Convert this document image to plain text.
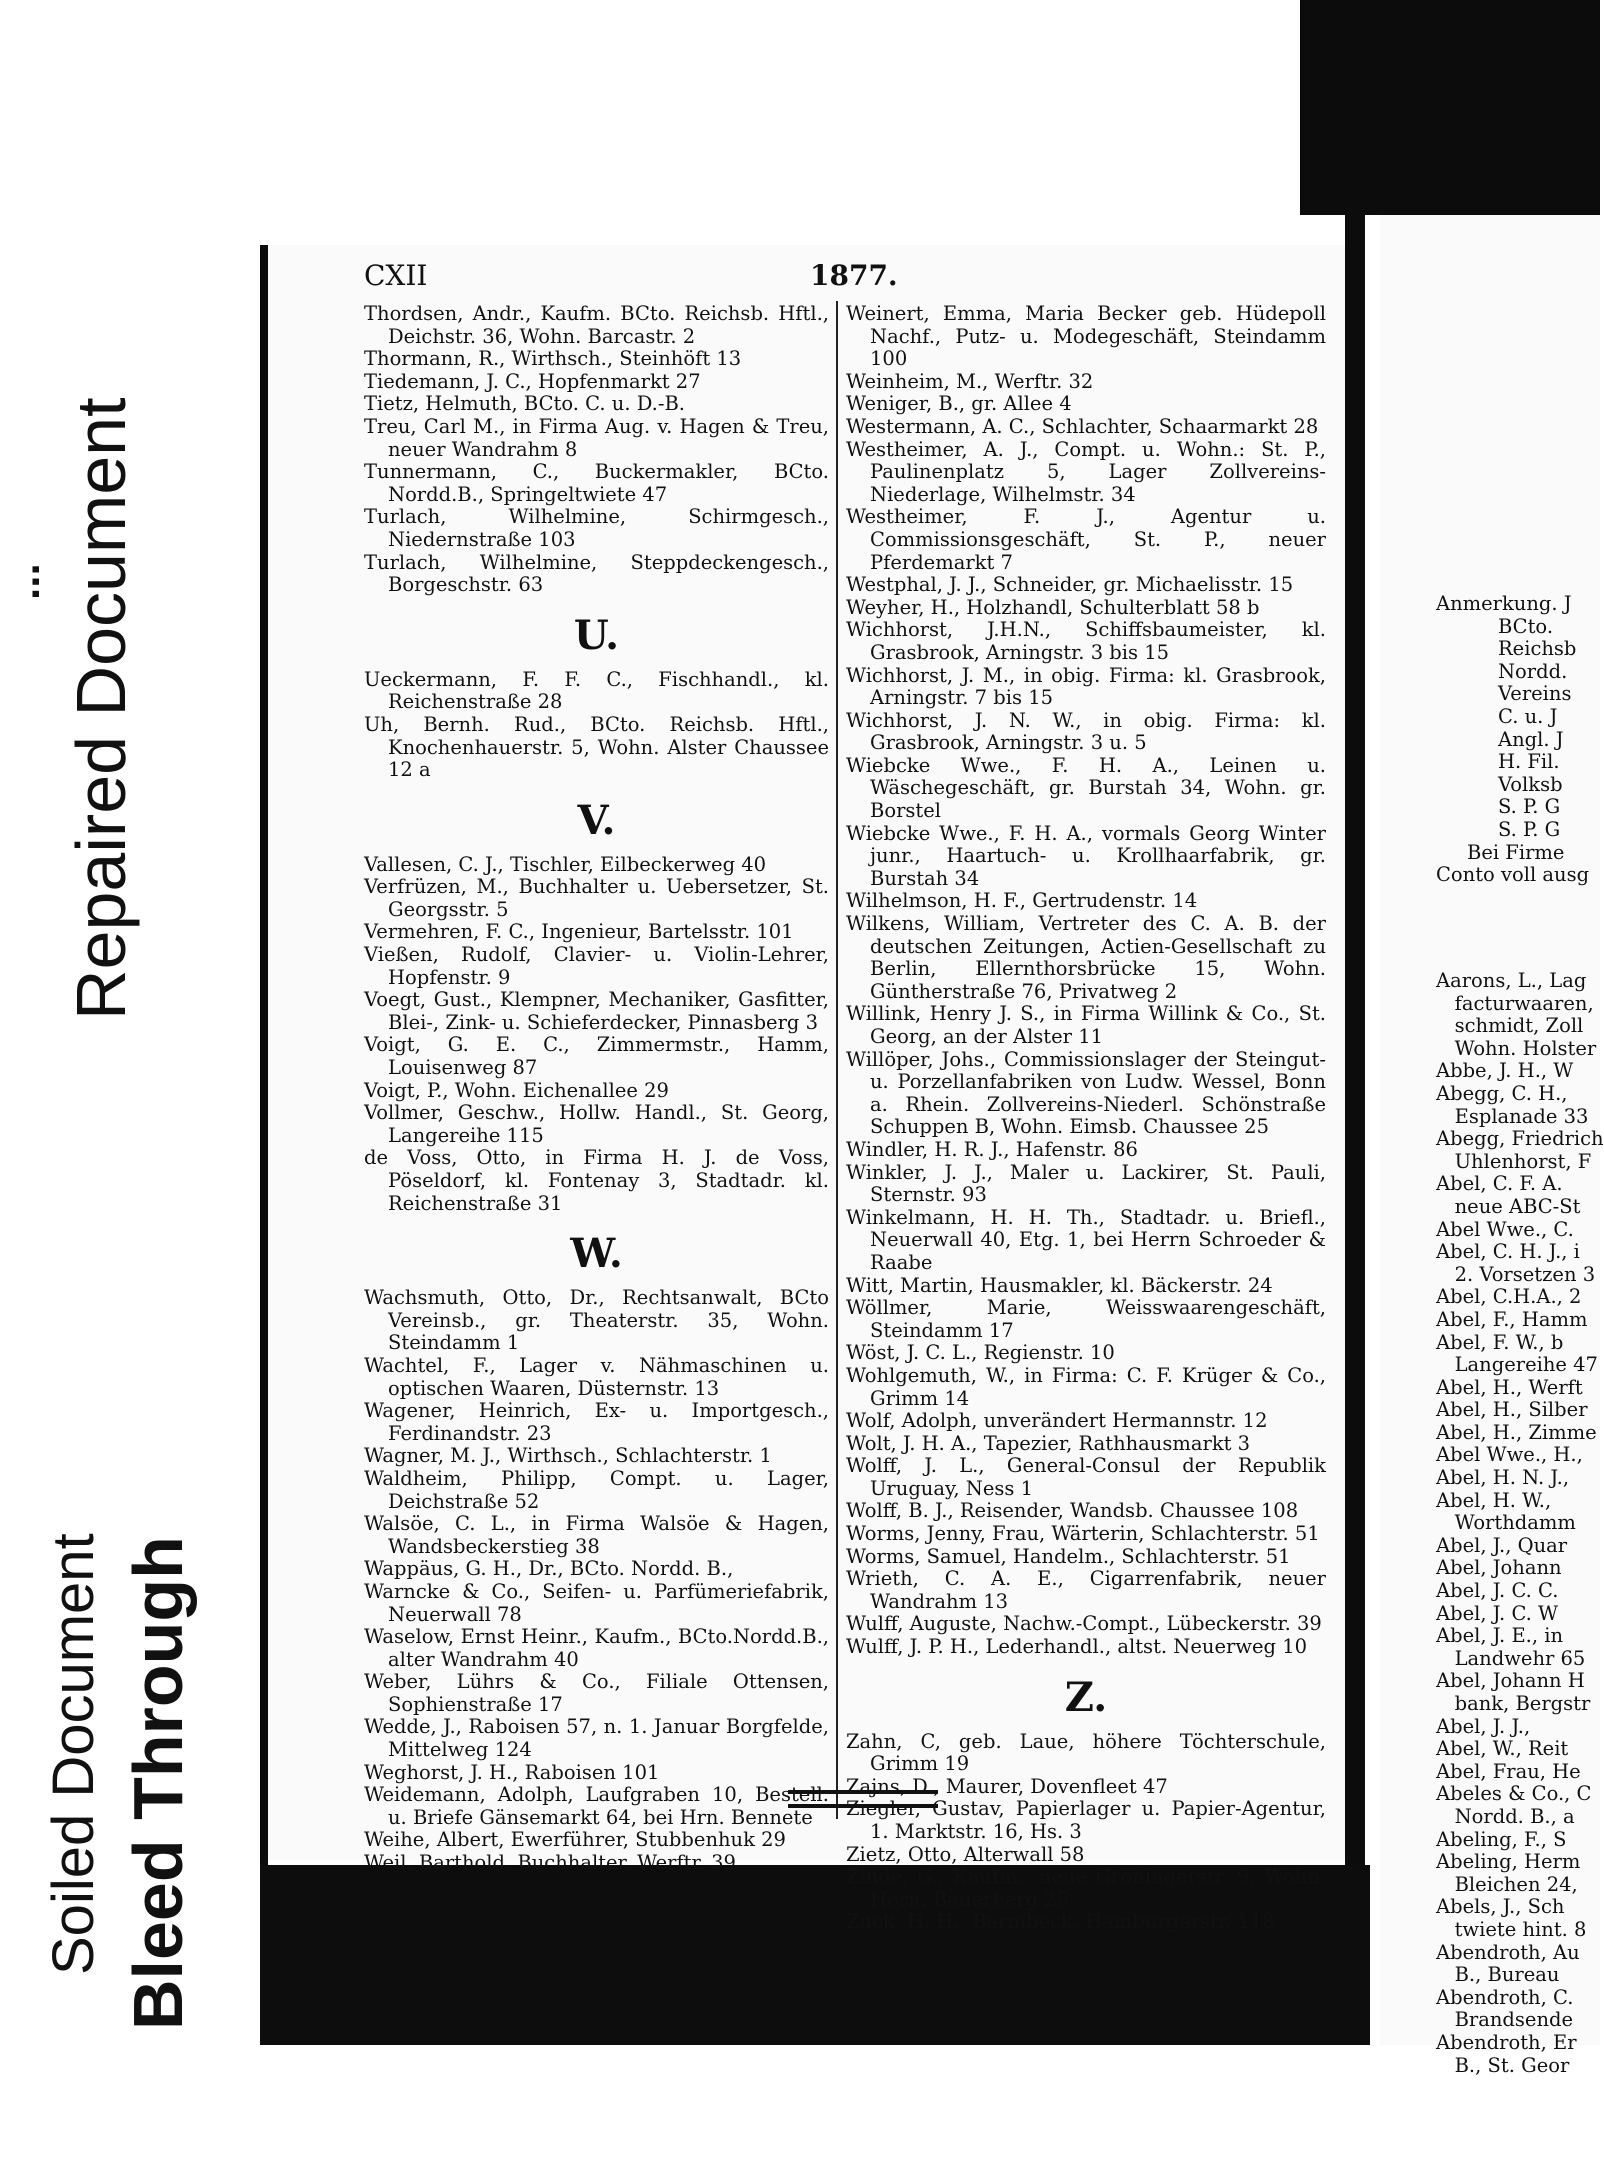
... Repaired Document
Soiled Document Bleed Through
CXII	1877.
Thordsen, Andr., Kaufm. BCto. Reichsb. Hftl., Deichstr. 36, Wohn. Barcastr. 2
Thormann, R., Wirthsch., Steinhöft 13
Tiedemann, J. C., Hopfenmarkt 27
Tietz, Helmuth, BCto. C. u. D.-B.
Treu, Carl M., in Firma Aug. v. Hagen & Treu, neuer Wandrahm 8
Tunnermann, C., Buckermakler, BCto. Nordd.B., Springeltwiete 47
Turlach, Wilhelmine, Schirmgesch., Niedernstraße 103
Turlach, Wilhelmine, Steppdeckengesch., Borgeschstr. 63
U.
Ueckermann, F. F. C., Fischhandl., kl. Reichenstraße 28
Uh, Bernh. Rud., BCto. Reichsb. Hftl., Knochenhauerstr. 5, Wohn. Alster Chaussee 12 a
V.
Vallesen, C. J., Tischler, Eilbeckerweg 40
Verfrüzen, M., Buchhalter u. Uebersetzer, St. Georgsstr. 5
Vermehren, F. C., Ingenieur, Bartelsstr. 101
Vießen, Rudolf, Clavier- u. Violin-Lehrer, Hopfenstr. 9
Voegt, Gust., Klempner, Mechaniker, Gasfitter, Blei-, Zink- u. Schieferdecker, Pinnasberg 3
Voigt, G. E. C., Zimmermstr., Hamm, Louisenweg 87
Voigt, P., Wohn. Eichenallee 29
Vollmer, Geschw., Hollw. Handl., St. Georg, Langereihe 115
de Voss, Otto, in Firma H. J. de Voss, Pöseldorf, kl. Fontenay 3, Stadtadr. kl. Reichenstraße 31
W.
Wachsmuth, Otto, Dr., Rechtsanwalt, BCto Vereinsb., gr. Theaterstr. 35, Wohn. Steindamm 1
Wachtel, F., Lager v. Nähmaschinen u. optischen Waaren, Düsternstr. 13
Wagener, Heinrich, Ex- u. Importgesch., Ferdinandstr. 23
Wagner, M. J., Wirthsch., Schlachterstr. 1
Waldheim, Philipp, Compt. u. Lager, Deichstraße 52
Walsöe, C. L., in Firma Walsöe & Hagen, Wandsbeckerstieg 38
Wappäus, G. H., Dr., BCto. Nordd. B.,
Warncke & Co., Seifen- u. Parfümeriefabrik, Neuerwall 78
Waselow, Ernst Heinr., Kaufm., BCto.Nordd.B., alter Wandrahm 40
Weber, Lührs & Co., Filiale Ottensen, Sophienstraße 17
Wedde, J., Raboisen 57, n. 1. Januar Borgfelde, Mittelweg 124
Weghorst, J. H., Raboisen 101
Weidemann, Adolph, Laufgraben 10, Bestell. u. Briefe Gänsemarkt 64, bei Hrn. Bennete
Weihe, Albert, Ewerführer, Stubbenhuk 29
Weil, Barthold, Buchhalter, Werftr. 39
Weinert, Emma, Maria Becker geb. Hüdepoll Nachf., Putz- u. Modegeschäft, Steindamm 100
Weinheim, M., Werftr. 32
Weniger, B., gr. Allee 4
Westermann, A. C., Schlachter, Schaarmarkt 28
Westheimer, A. J., Compt. u. Wohn.: St. P., Paulinenplatz 5, Lager Zollvereins-Niederlage, Wilhelmstr. 34
Westheimer, F. J., Agentur u. Commissionsgeschäft, St. P., neuer Pferdemarkt 7
Westphal, J. J., Schneider, gr. Michaelisstr. 15
Weyher, H., Holzhandl, Schulterblatt 58 b
Wichhorst, J.H.N., Schiffsbaumeister, kl. Grasbrook, Arningstr. 3 bis 15
Wichhorst, J. M., in obig. Firma: kl. Grasbrook, Arningstr. 7 bis 15
Wichhorst, J. N. W., in obig. Firma: kl. Grasbrook, Arningstr. 3 u. 5
Wiebcke Wwe., F. H. A., Leinen u. Wäschegeschäft, gr. Burstah 34, Wohn. gr. Borstel
Wiebcke Wwe., F. H. A., vormals Georg Winter junr., Haartuch- u. Krollhaarfabrik, gr. Burstah 34
Wilhelmson, H. F., Gertrudenstr. 14
Wilkens, William, Vertreter des C. A. B. der deutschen Zeitungen, Actien-Gesellschaft zu Berlin, Ellernthorsbrücke 15, Wohn. Güntherstraße 76, Privatweg 2
Willink, Henry J. S., in Firma Willink & Co., St. Georg, an der Alster 11
Willöper, Johs., Commissionslager der Steingut- u. Porzellanfabriken von Ludw. Wessel, Bonn a. Rhein. Zollvereins-Niederl. Schönstraße Schuppen B, Wohn. Eimsb. Chaussee 25
Windler, H. R. J., Hafenstr. 86
Winkler, J. J., Maler u. Lackirer, St. Pauli, Sternstr. 93
Winkelmann, H. H. Th., Stadtadr. u. Briefl., Neuerwall 40, Etg. 1, bei Herrn Schroeder & Raabe
Witt, Martin, Hausmakler, kl. Bäckerstr. 24
Wöllmer, Marie, Weisswaarengeschäft, Steindamm 17
Wöst, J. C. L., Regienstr. 10
Wohlgemuth, W., in Firma: C. F. Krüger & Co., Grimm 14
Wolf, Adolph, unverändert Hermannstr. 12
Wolt, J. H. A., Tapezier, Rathhausmarkt 3
Wolff, J. L., General-Consul der Republik Uruguay, Ness 1
Wolff, B. J., Reisender, Wandsb. Chaussee 108
Worms, Jenny, Frau, Wärterin, Schlachterstr. 51
Worms, Samuel, Handelm., Schlachterstr. 51
Wrieth, C. A. E., Cigarrenfabrik, neuer Wandrahm 13
Wulff, Auguste, Nachw.-Compt., Lübeckerstr. 39
Wulff, J. P. H., Lederhandl., altst. Neuerweg 10
Z.
Zahn, C, geb. Laue, höhere Töchterschule, Grimm 19
Zajns, D., Maurer, Dovenfleet 47
Ziegler, Gustav, Papierlager u. Papier-Agentur, 1. Marktstr. 16, Hs. 3
Zietz, Otto, Alterwall 58
Zinde, G., Kaufm., neue Gröningerstr. 9, Wohn. Horn, Bauerberg 25
Zuck, H. H., Barmbeck, Hamburgerstr. 118
Anmerkung. J
BCto.
Reichsb
Nordd.
Vereins
C. u. J
Angl. J
H. Fil.
Volksb
S. P. G
S. P. G
Bei Firme
Conto voll ausg
Aarons, L., Lag
facturwaaren,
schmidt, Zoll
Wohn. Holster
Abbe, J. H., W
Abegg, C. H.,
Esplanade 33
Abegg, Friedrich
Uhlenhorst, F
Abel, C. F. A.
neue ABC-St
Abel Wwe., C.
Abel, C. H. J., i
2. Vorsetzen 3
Abel, C.H.A., 2
Abel, F., Hamm
Abel, F. W., b
Langereihe 47
Abel, H., Werft
Abel, H., Silber
Abel, H., Zimme
Abel Wwe., H.,
Abel, H. N. J.,
Abel, H. W.,
Worthdamm
Abel, J., Quar
Abel, Johann
Abel, J. C. C.
Abel, J. C. W
Abel, J. E., in
Landwehr 65
Abel, Johann H
bank, Bergstr
Abel, J. J.,
Abel, W., Reit
Abel, Frau, He
Abeles & Co., C
Nordd. B., a
Abeling, F., S
Abeling, Herm
Bleichen 24,
Abels, J., Sch
twiete hint. 8
Abendroth, Au
B., Bureau
Abendroth, C.
Brandsende
Abendroth, Er
B., St. Geor
